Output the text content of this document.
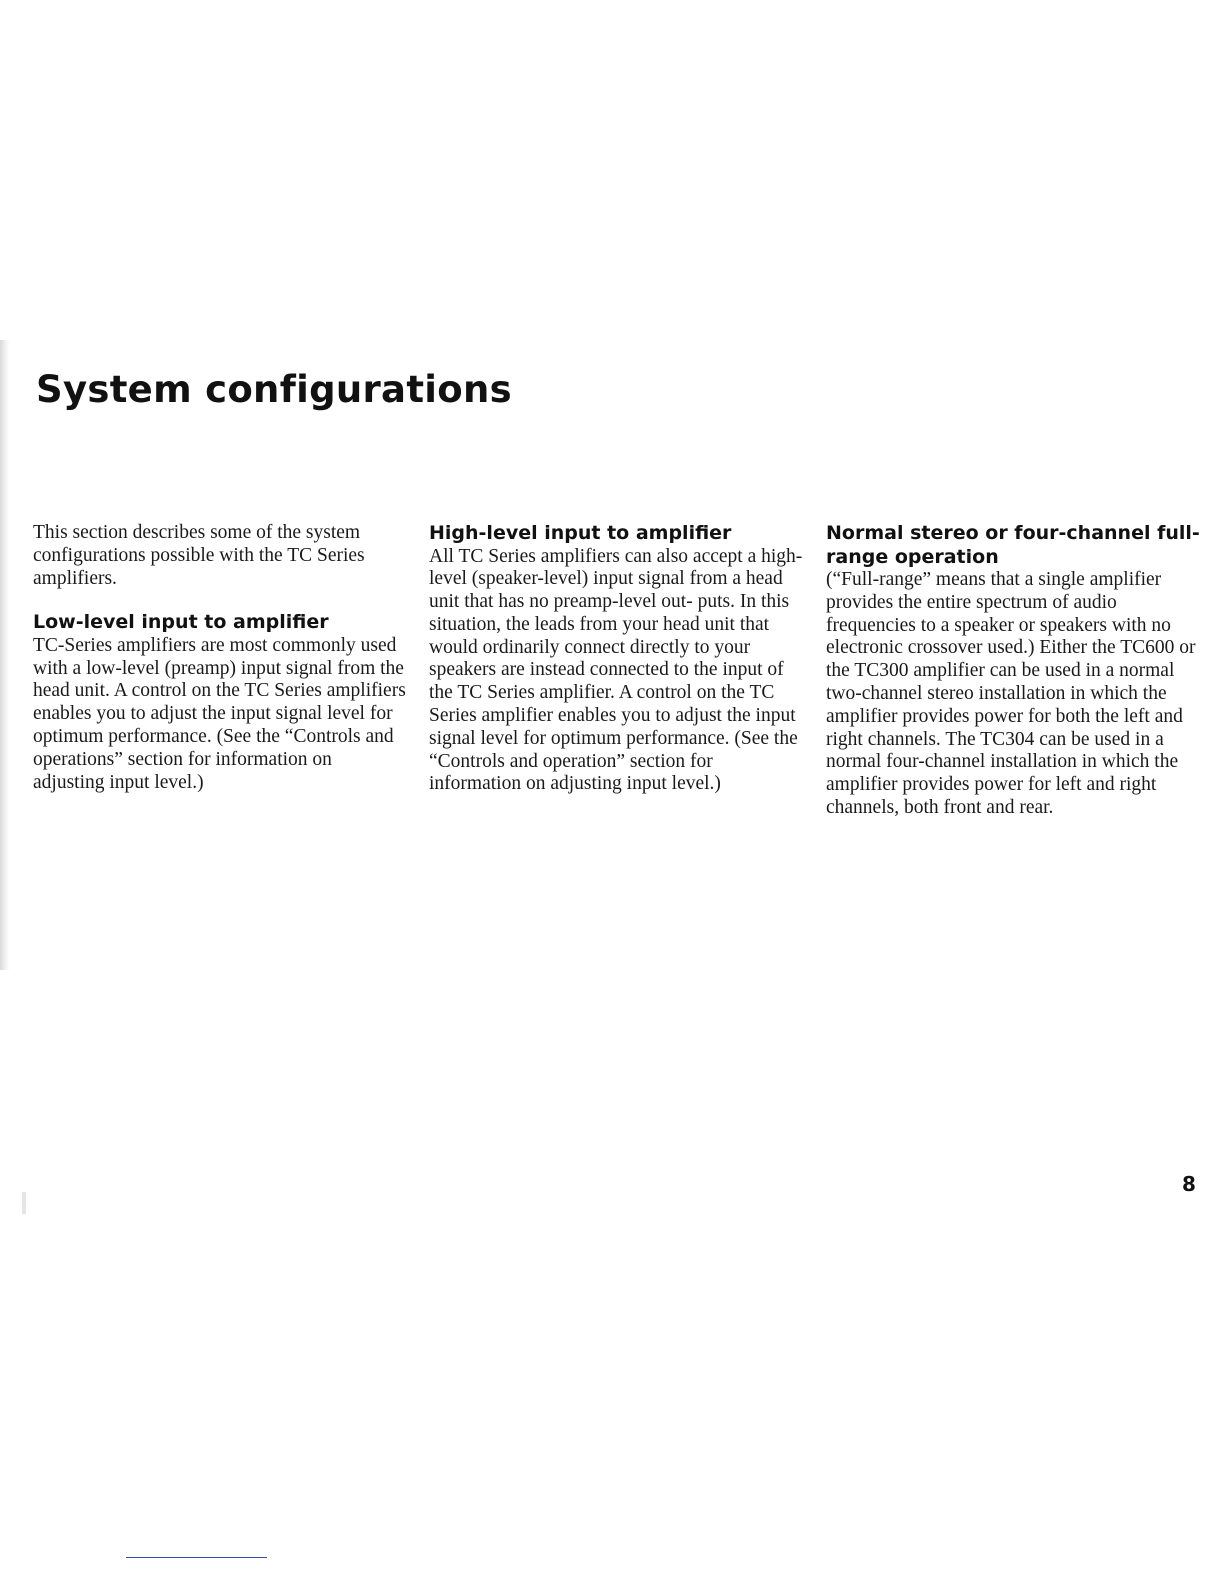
System configurations

This section describes some of the system configurations possible with the TC Series amplifiers.

Low-level input to amplifier

TC-Series amplifiers are most commonly used with a low-level (preamp) input signal from the head unit. A control on the TC Series amplifiers enables you to adjust the input signal level for optimum performance. (See the “Controls and operations” section for information on adjusting input level.)

High-level input to amplifier

All TC Series amplifiers can also accept a high-level (speaker-level) input signal from a head unit that has no preamp-level out- puts. In this situation, the leads from your head unit that would ordinarily connect directly to your speakers are instead connected to the input of the TC Series amplifier. A control on the TC Series amplifier enables you to adjust the input signal level for optimum performance. (See the “Controls and operation” section for information on adjusting input level.)

Normal stereo or four-channel full-range operation

(“Full-range” means that a single amplifier provides the entire spectrum of audio frequencies to a speaker or speakers with no electronic crossover used.) Either the TC600 or the TC300 amplifier can be used in a normal two-channel stereo installation in which the amplifier provides power for both the left and right channels. The TC304 can be used in a normal four-channel installation in which the amplifier provides power for left and right channels, both front and rear.

8
